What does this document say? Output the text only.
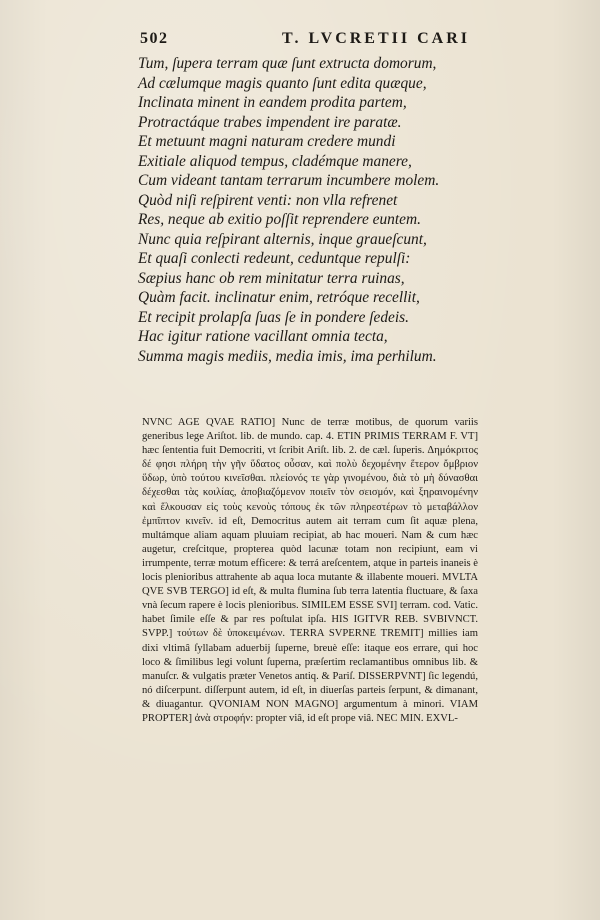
502	T. LVCRETII CARI
Tum, ſupera terram quæ ſunt extructa domorum,
Ad cælumque magis quanto ſunt edita quæque,
Inclinata minent in eandem prodita partem,
Protractáque trabes impendent ire paratæ.
Et metuunt magni naturam credere mundi
Exitiale aliquod tempus, cladémque manere,
Cum videant tantam terrarum incumbere molem.
Quòd niſi reſpirent venti: non vlla refrenet
Res, neque ab exitio poſſit reprendere euntem.
Nunc quia reſpirant alternis, inque graueſcunt,
Et quaſi conlecti redeunt, ceduntque repulſi:
Sæpius hanc ob rem minitatur terra ruinas,
Quàm facit. inclinatur enim, retróque recellit,
Et recipit prolapſa ſuas ſe in pondere ſedeis.
Hac igitur ratione vacillant omnia tecta,
Summa magis mediis, media imis, ima perhilum.

NVNC AGE QVAE RATIO] Nunc de terræ motibus, de quorum variis generibus lege Ariſtot. lib. de mundo. cap. 4. ETIN PRIMIS TERRAM F. VT] hæc ſententia fuit Democriti, vt ſcribit Ariſt. lib. 2. de cæl. ſuperis. Δημόκριτος δέ φησι πλήρη τὴν γῆν ὕδατος οὖσαν, καὶ πολὺ δεχομένην ἕτερον ὄμβριον ὕδωρ, ὑπὸ τούτου κινεῖσθαι. πλείονός τε γὰρ γινομένου, διὰ τὸ μὴ δύνασθαι δέχεσθαι τὰς κοιλίας, ἀποβιαζόμενον ποιεῖν τὸν σεισμόν, καὶ ξηραινομένην καὶ ἕλκουσαν εἰς τοὺς κενοὺς τόπους ἐκ τῶν πληρεστέρων τὸ μεταβάλλον ἐμπῖπτον κινεῖν. id eſt, Democritus autem ait terram cum ſit aquæ plena, multámque aliam aquam pluuiam recipiat, ab hac moueri. Nam & cum hæc augetur, creſcitque, propterea quòd lacunæ totam non recipiunt, eam vi irrumpente, terræ motum efficere: & terrá areſcentem, atque in parteis inaneis è locis plenioribus attrahente ab aqua loca mutante & illabente moueri. MVLTA QVE SVB TERGO] id eſt, & multa flumina ſub terra latentia fluctuare, & ſaxa vnà ſecum rapere è locis plenioribus. SIMILEM ESSE SVI] terram. cod. Vatic. habet ſimile eſſe & par res poſtulat ipſa. HIS IGITVR REB. SVBIVNCT. SVPP.] τούτων δὲ ὑποκειμένων. TERRA SVPERNE TREMIT] millies iam dixi vltimâ ſyllabam aduerbij ſuperne, breuè eſſe: itaque eos errare, qui hoc loco & ſimilibus legi volunt ſuperna, præſertim reclamantibus omnibus lib. & manuſcr. & vulgatis præter Venetos antiq. & Pariſ. DISSERPVNT] ſic legendú, nó diſcerpunt. diſſerpunt autem, id eſt, in diuerſas parteis ſerpunt, & dimanant, & diuagantur. QVONIAM NON MAGNO] argumentum à minori. VIAM PROPTER] ἀνὰ στροφήν: propter viâ, id eſt prope viâ. NEC MIN. EXVL-
